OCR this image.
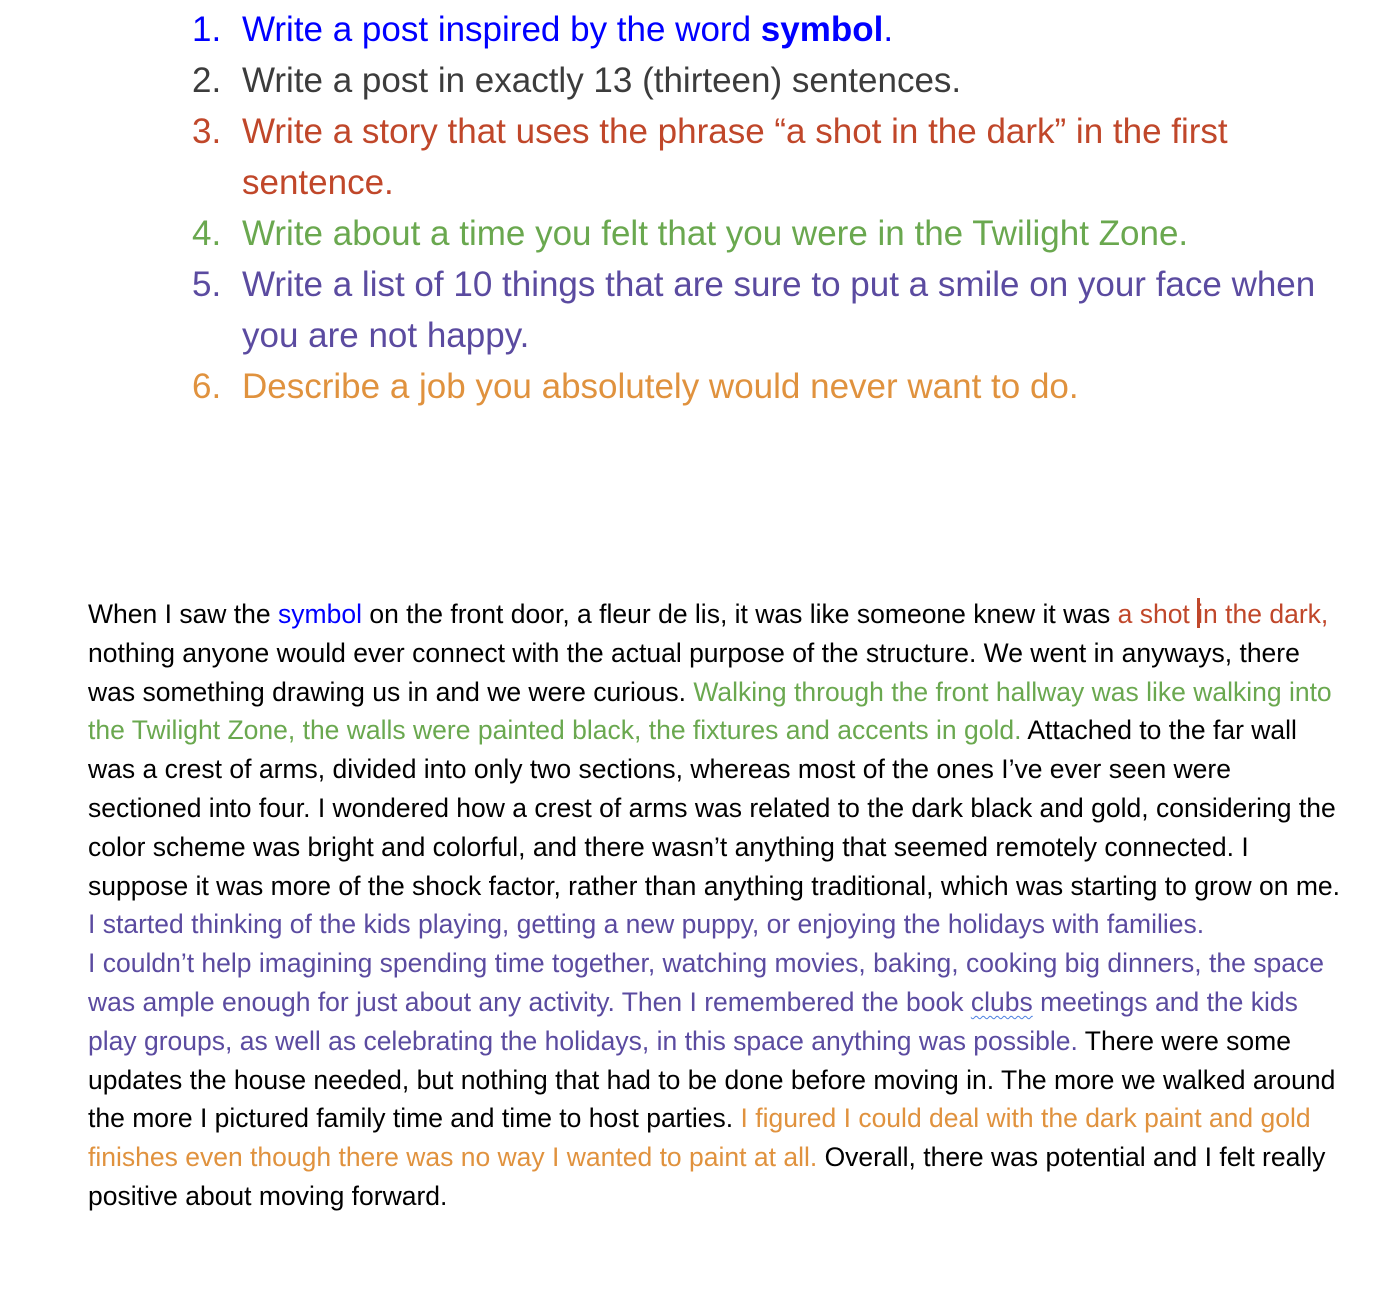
1. Write a post inspired by the word symbol.
2. Write a post in exactly 13 (thirteen) sentences.
3. Write a story that uses the phrase “a shot in the dark” in the first sentence.
4. Write about a time you felt that you were in the Twilight Zone.
5. Write a list of 10 things that are sure to put a smile on your face when you are not happy.
6. Describe a job you absolutely would never want to do.
When I saw the symbol on the front door, a fleur de lis, it was like someone knew it was a shot in the dark, nothing anyone would ever connect with the actual purpose of the structure. We went in anyways, there was something drawing us in and we were curious. Walking through the front hallway was like walking into the Twilight Zone, the walls were painted black, the fixtures and accents in gold. Attached to the far wall was a crest of arms, divided into only two sections, whereas most of the ones I’ve ever seen were sectioned into four. I wondered how a crest of arms was related to the dark black and gold, considering the color scheme was bright and colorful, and there wasn’t anything that seemed remotely connected. I suppose it was more of the shock factor, rather than anything traditional, which was starting to grow on me. I started thinking of the kids playing, getting a new puppy, or enjoying the holidays with families.
I couldn’t help imagining spending time together, watching movies, baking, cooking big dinners, the space was ample enough for just about any activity. Then I remembered the book clubs meetings and the kids play groups, as well as celebrating the holidays, in this space anything was possible. There were some updates the house needed, but nothing that had to be done before moving in. The more we walked around the more I pictured family time and time to host parties. I figured I could deal with the dark paint and gold finishes even though there was no way I wanted to paint at all. Overall, there was potential and I felt really positive about moving forward.
